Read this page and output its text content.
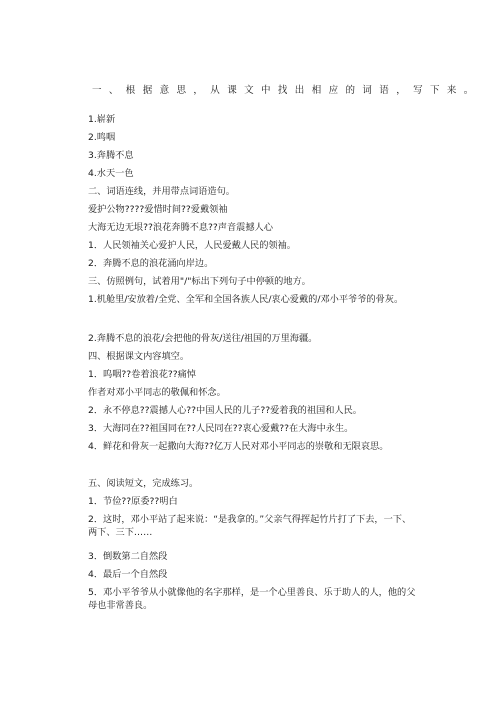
一、根据意思，从课文中找出相应的词语，写下来。
1.崭新
2.鸣咽
3.奔腾不息
4.水天一色
二、词语连线，并用带点词语造句。
爱护公物????爱惜时间??爱戴领袖
大海无边无垠??浪花奔腾不息??声音震撼人心
1．人民领袖关心爱护人民，人民爱戴人民的领袖。
2．奔腾不息的浪花涌向岸边。
三、仿照例句，试着用"/"标出下列句子中停顿的地方。
1.机舱里/安放着/全党、全军和全国各族人民/衷心爱戴的/邓小平爷爷的骨灰。
2.奔腾不息的浪花/会把他的骨灰/送往/祖国的万里海疆。
四、根据课文内容填空。
1．呜咽??卷着浪花??痛悼
作者对邓小平同志的敬佩和怀念。
2．永不停息??震撼人心??中国人民的儿子??爱着我的祖国和人民。
3．大海同在??祖国同在??人民同在??衷心爱戴??在大海中永生。
4．鲜花和骨灰一起撒向大海??亿万人民对邓小平同志的崇敬和无限哀思。
五、阅读短文，完成练习。
1．节俭??原委??明白
2．这时，邓小平站了起来说：“是我拿的。”父亲气得挥起竹片打了下去，一下、两下、三下……
3．倒数第二自然段
4．最后一个自然段
5．邓小平爷爷从小就像他的名字那样，是一个心里善良、乐于助人的人，他的父母也非常善良。
